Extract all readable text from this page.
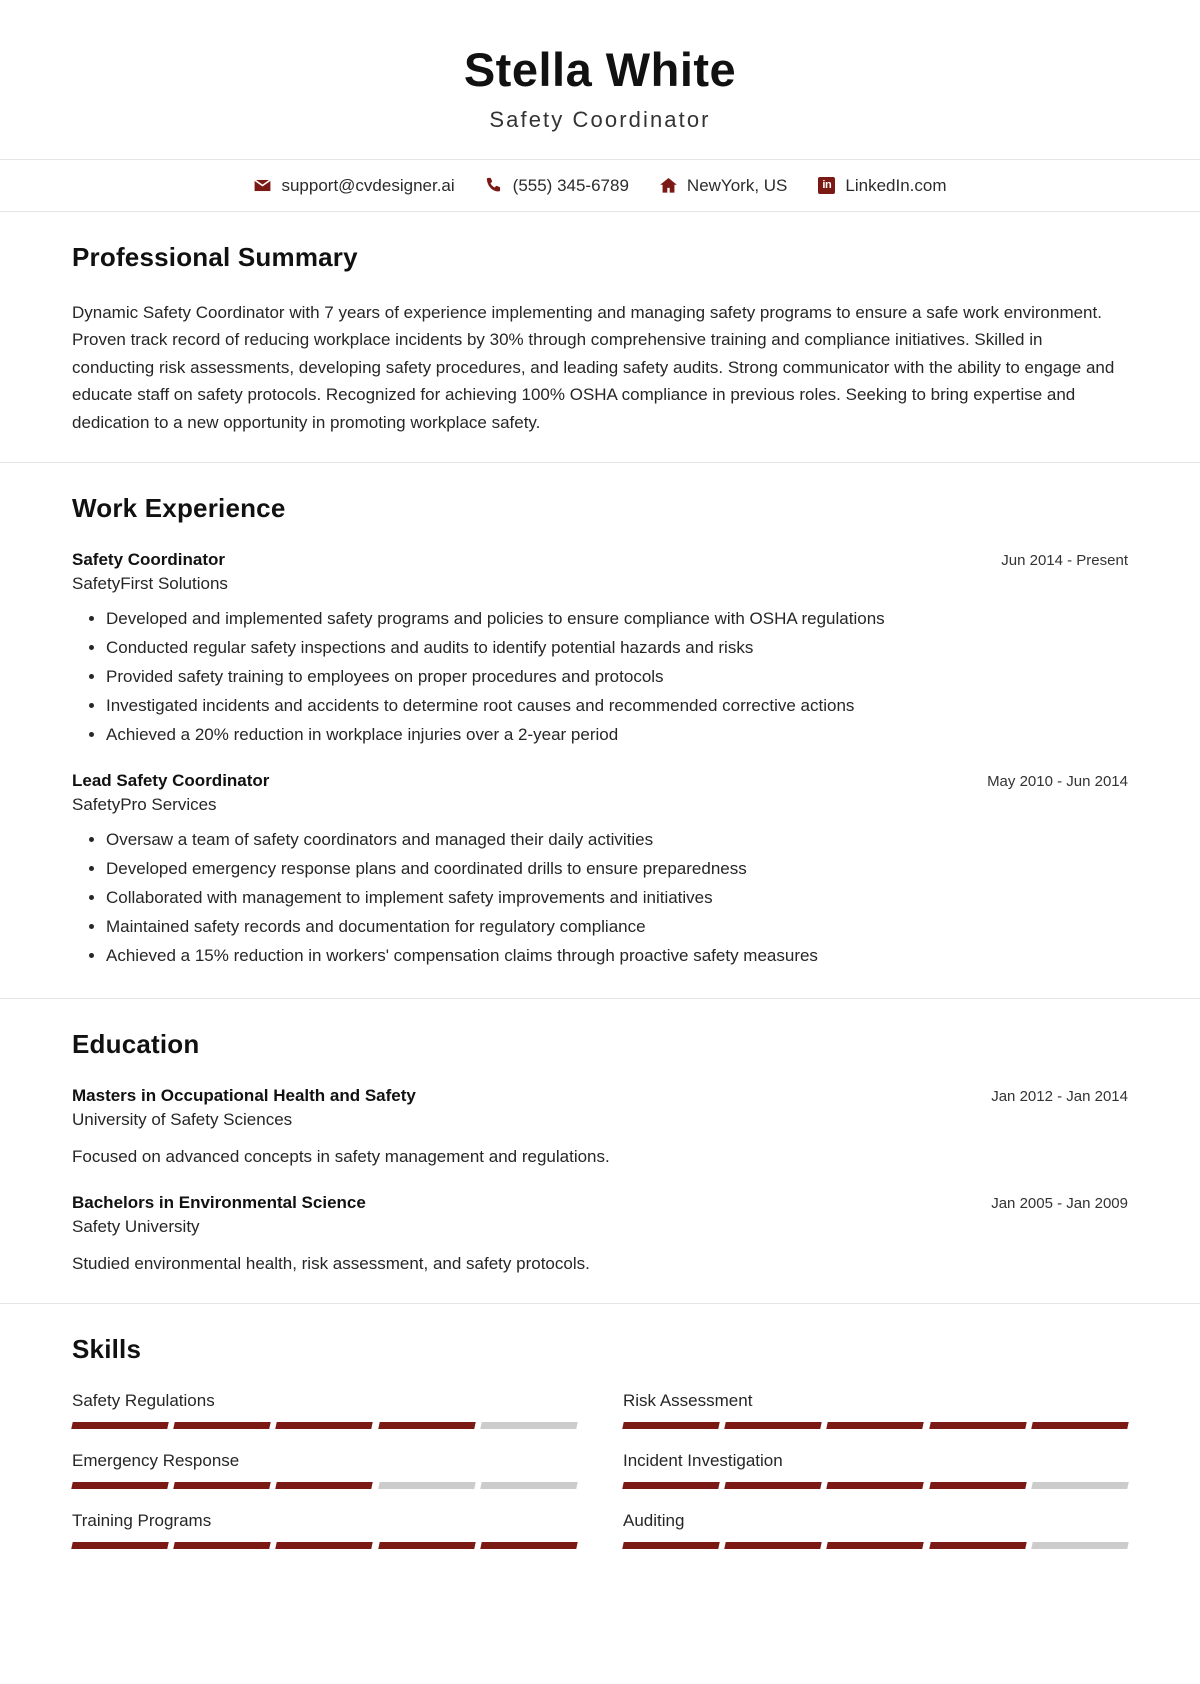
Stella White
Safety Coordinator
support@cvdesigner.ai	(555) 345-6789	NewYork, US	in LinkedIn.com
Professional Summary
Dynamic Safety Coordinator with 7 years of experience implementing and managing safety programs to ensure a safe work environment. Proven track record of reducing workplace incidents by 30% through comprehensive training and compliance initiatives. Skilled in conducting risk assessments, developing safety procedures, and leading safety audits. Strong communicator with the ability to engage and educate staff on safety protocols. Recognized for achieving 100% OSHA compliance in previous roles. Seeking to bring expertise and dedication to a new opportunity in promoting workplace safety.
Work Experience
Safety Coordinator	Jun 2014 - Present
SafetyFirst Solutions
• Developed and implemented safety programs and policies to ensure compliance with OSHA regulations
• Conducted regular safety inspections and audits to identify potential hazards and risks
• Provided safety training to employees on proper procedures and protocols
• Investigated incidents and accidents to determine root causes and recommended corrective actions
• Achieved a 20% reduction in workplace injuries over a 2-year period
Lead Safety Coordinator	May 2010 - Jun 2014
SafetyPro Services
• Oversaw a team of safety coordinators and managed their daily activities
• Developed emergency response plans and coordinated drills to ensure preparedness
• Collaborated with management to implement safety improvements and initiatives
• Maintained safety records and documentation for regulatory compliance
• Achieved a 15% reduction in workers' compensation claims through proactive safety measures
Education
Masters in Occupational Health and Safety	Jan 2012 - Jan 2014
University of Safety Sciences
Focused on advanced concepts in safety management and regulations.
Bachelors in Environmental Science	Jan 2005 - Jan 2009
Safety University
Studied environmental health, risk assessment, and safety protocols.
Skills
Safety Regulations	Risk Assessment
Emergency Response	Incident Investigation
Training Programs	Auditing
